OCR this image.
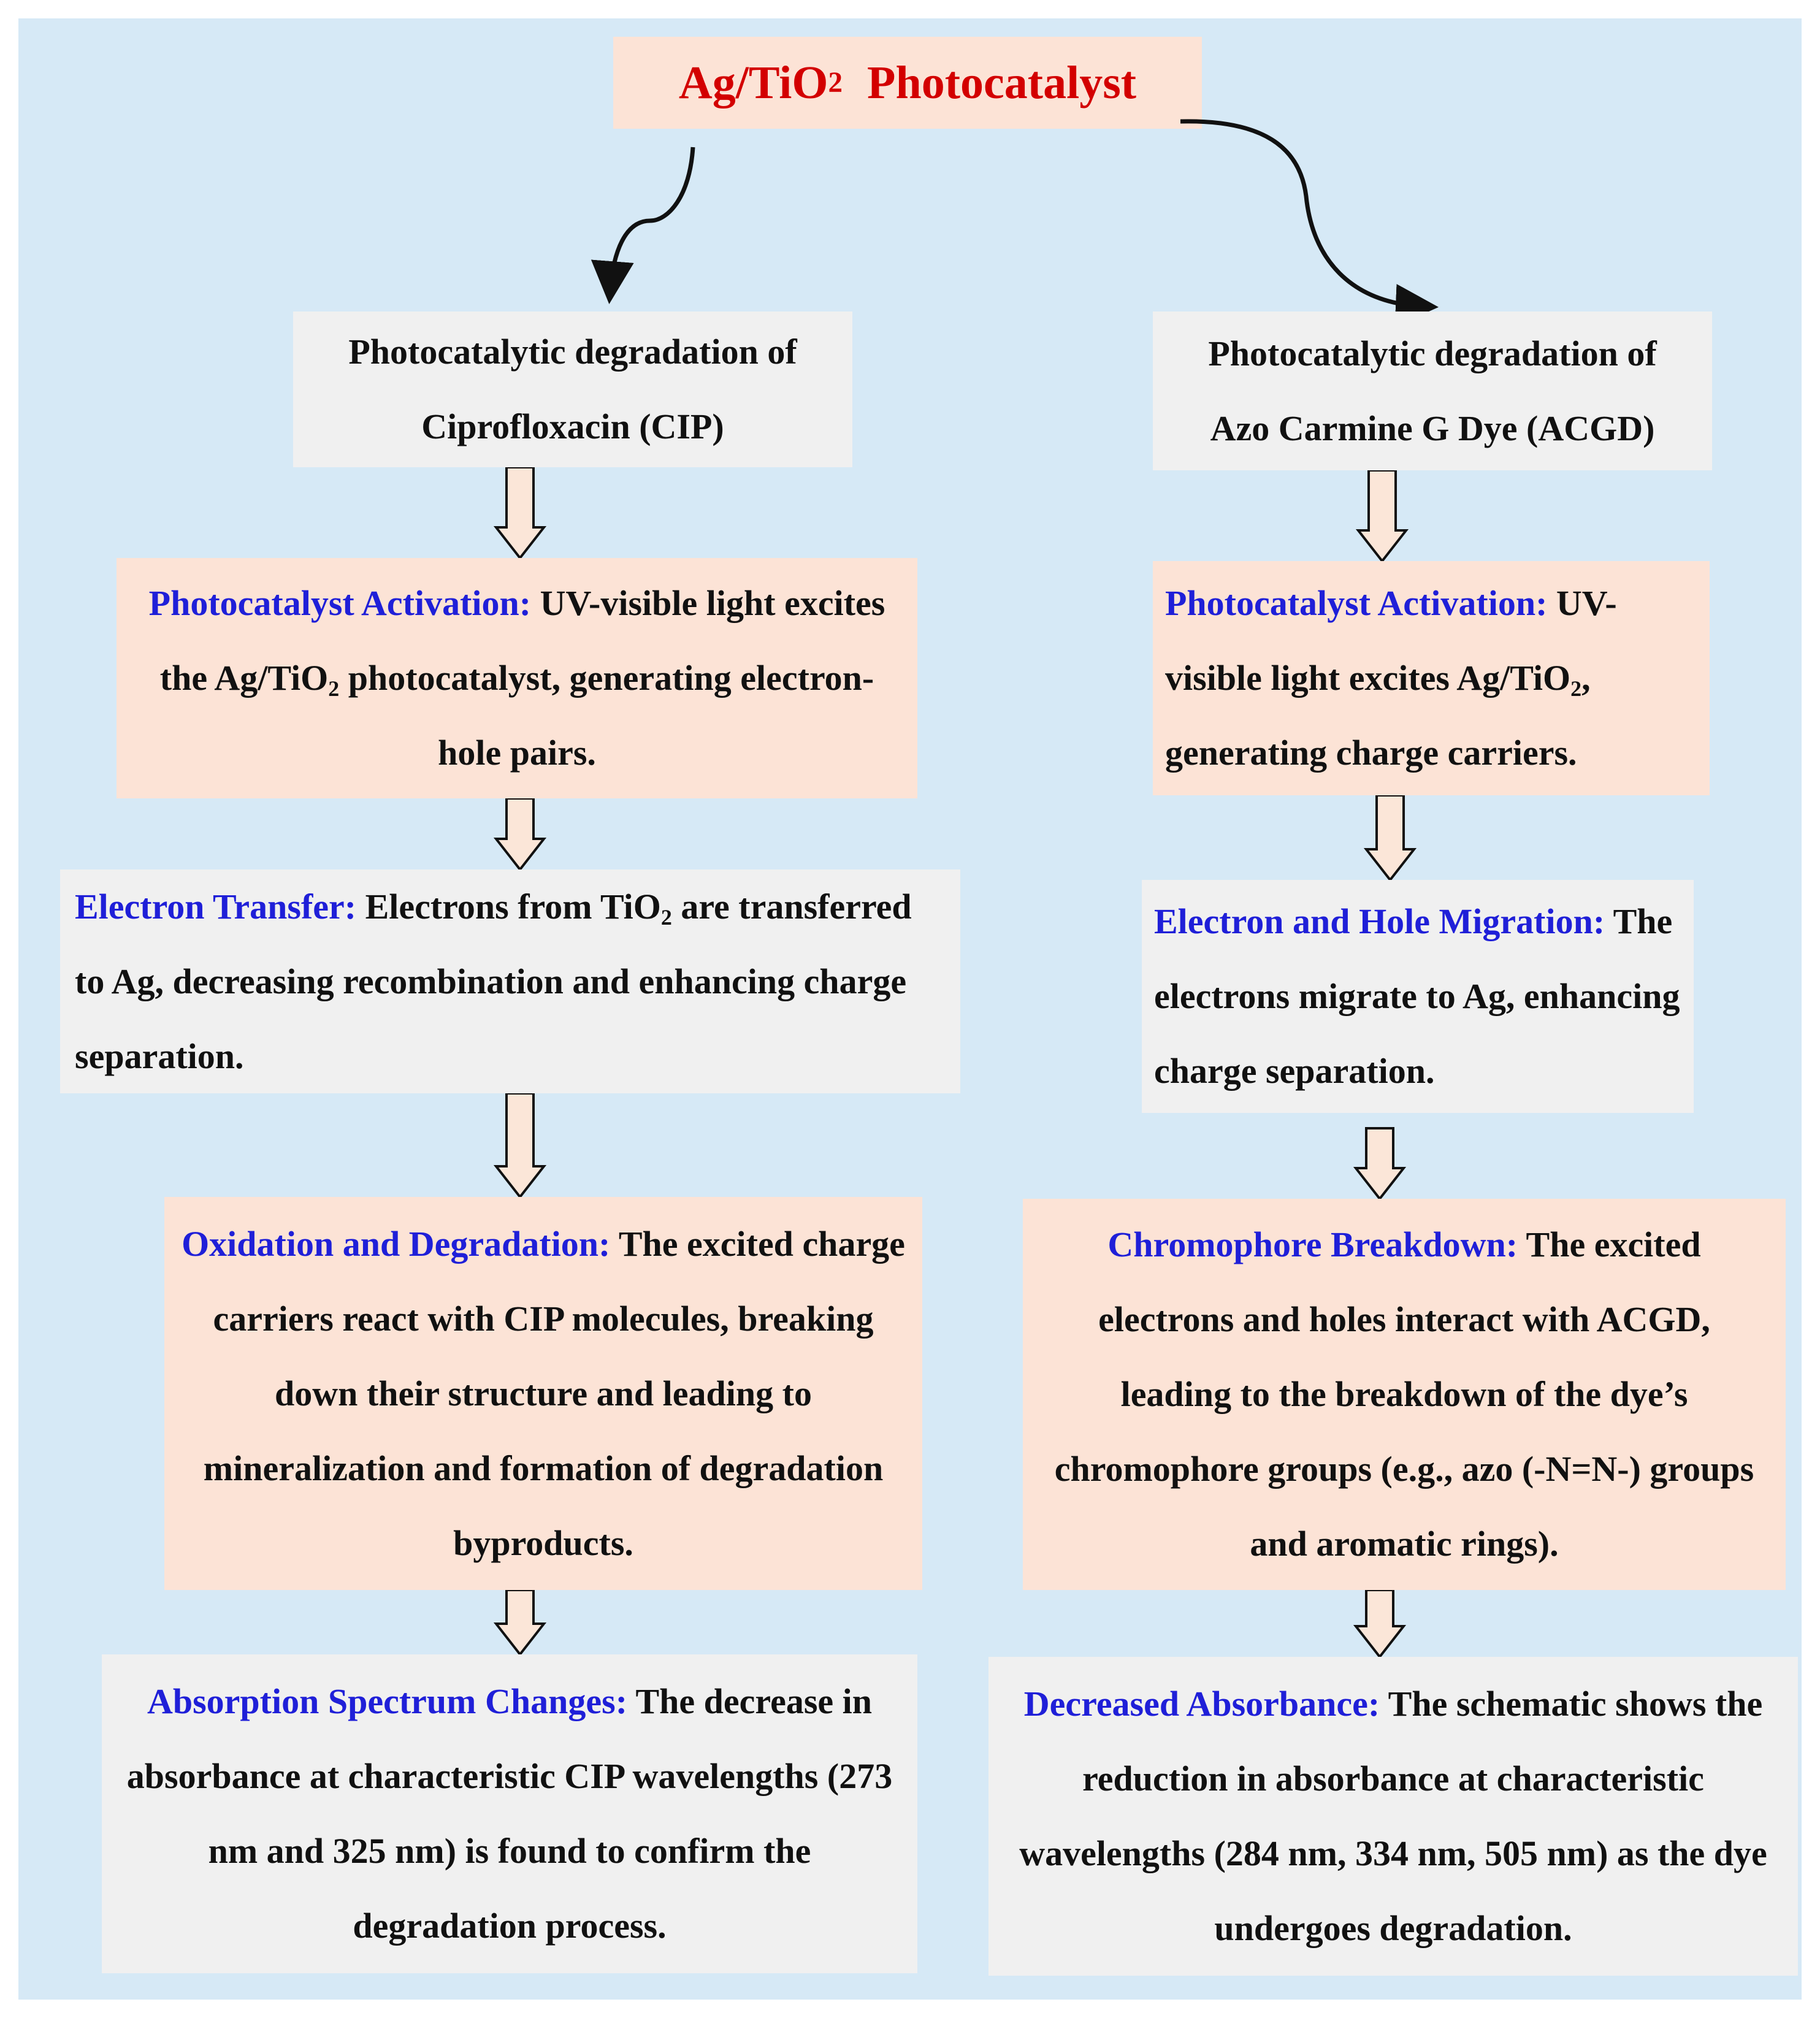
Ag/TiO 2 Photocatalyst

Photocatalytic degradation of
Ciprofloxacin (CIP)

Photocatalyst Activation: UV-visible light excites the Ag/TiO$_2$ photocatalyst, generating electron-hole pairs.

Electron Transfer: Electrons from TiO$_2$ are transferred to Ag, decreasing recombination and enhancing charge separation.

Oxidation and Degradation: The excited charge carriers react with CIP molecules, breaking down their structure and leading to mineralization and formation of degradation byproducts.

Absorption Spectrum Changes: The decrease in absorbance at characteristic CIP wavelengths (273 nm and 325 nm) is found to confirm the degradation process.

Photocatalytic degradation of
Azo Carmine G Dye (ACGD)

Photocatalyst Activation: UV-visible light excites Ag/TiO$_2$, generating charge carriers.

Electron and Hole Migration: The electrons migrate to Ag, enhancing charge separation.

Chromophore Breakdown: The excited electrons and holes interact with ACGD, leading to the breakdown of the dye’s chromophore groups (e.g., azo (-N=N-) groups and aromatic rings).

Decreased Absorbance: The schematic shows the reduction in absorbance at characteristic wavelengths (284 nm, 334 nm, 505 nm) as the dye undergoes degradation.
